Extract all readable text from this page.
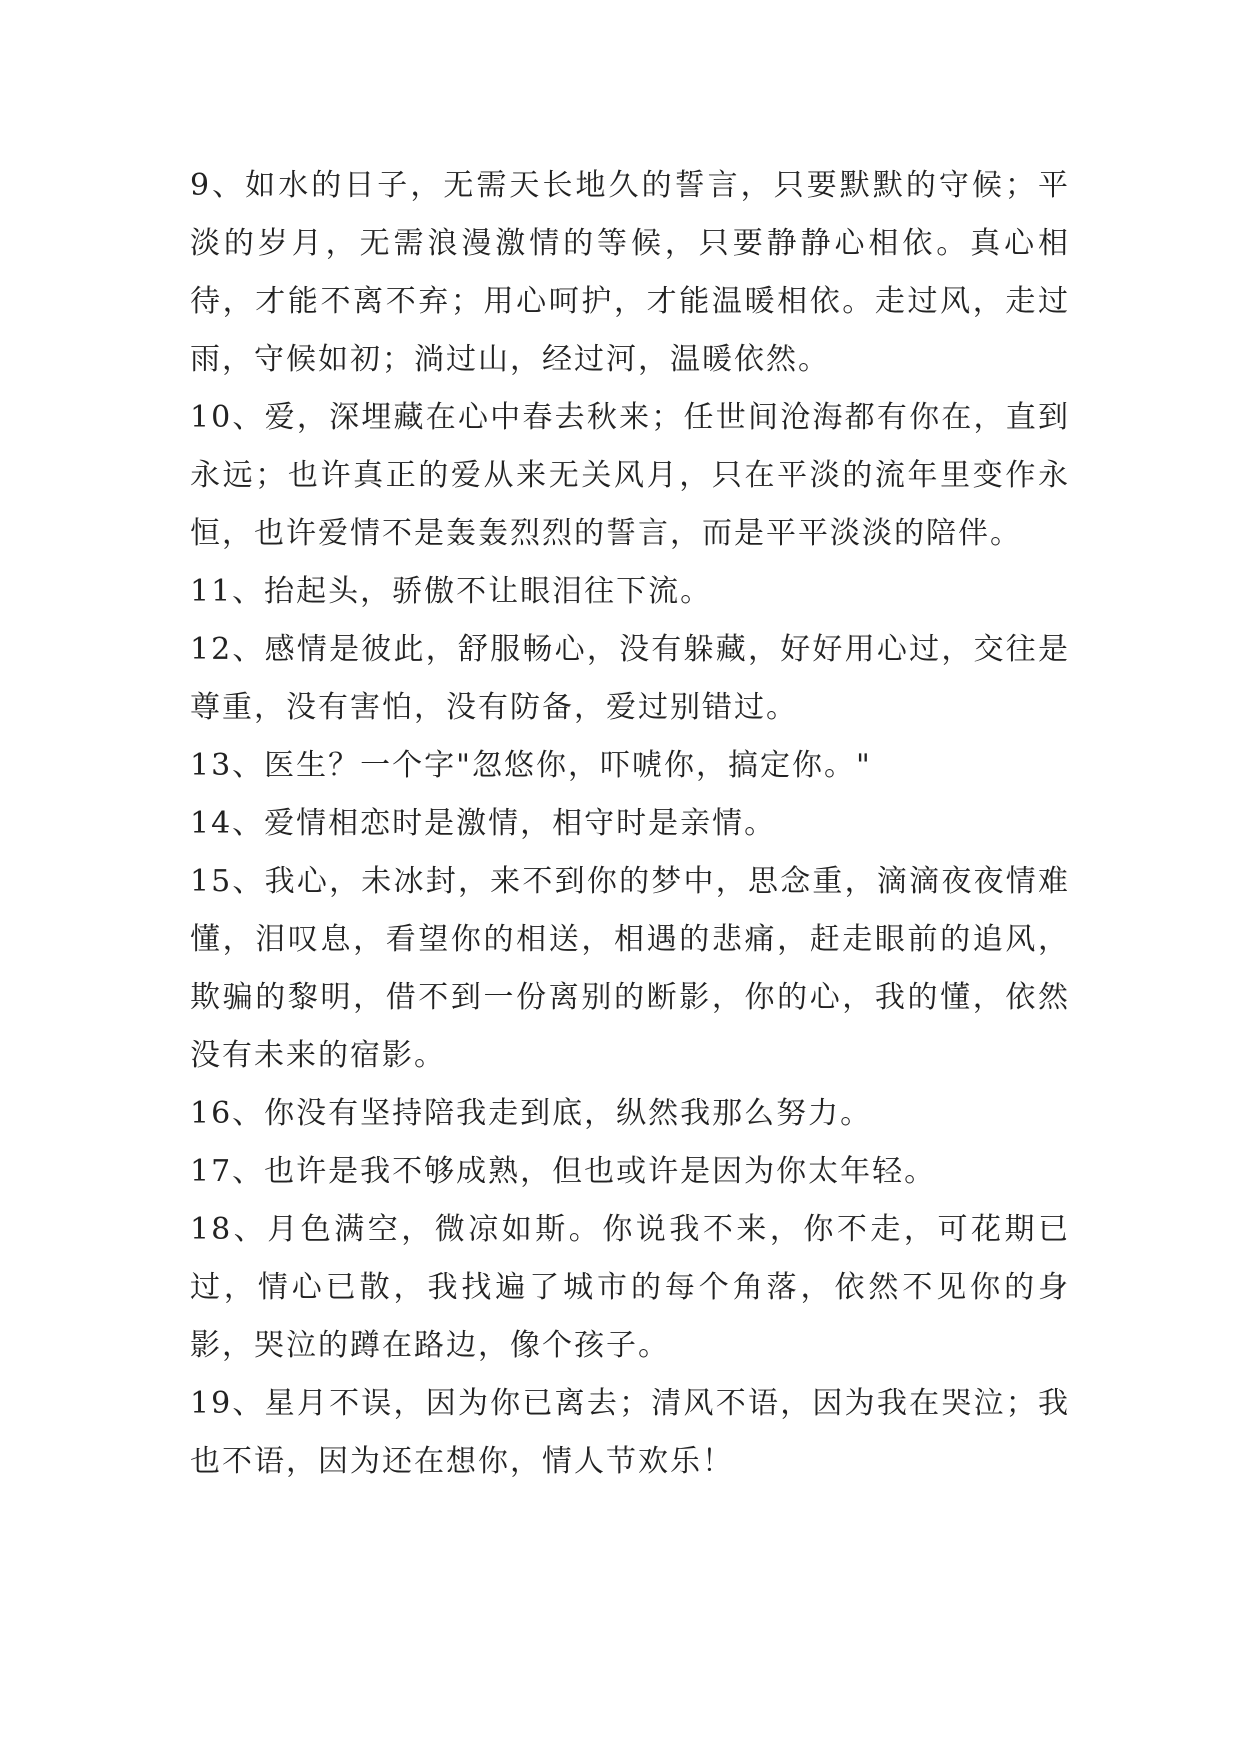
9、如水的日子，无需天长地久的誓言，只要默默的守候；平淡的岁月，无需浪漫激情的等候，只要静静心相依。真心相待，才能不离不弃；用心呵护，才能温暖相依。走过风，走过雨，守候如初；淌过山，经过河，温暖依然。

10、爱，深埋藏在心中春去秋来；任世间沧海都有你在，直到永远；也许真正的爱从来无关风月，只在平淡的流年里变作永恒，也许爱情不是轰轰烈烈的誓言，而是平平淡淡的陪伴。

11、抬起头，骄傲不让眼泪往下流。

12、感情是彼此，舒服畅心，没有躲藏，好好用心过，交往是尊重，没有害怕，没有防备，爱过别错过。

13、医生？一个字"忽悠你，吓唬你，搞定你。"

14、爱情相恋时是激情，相守时是亲情。

15、我心，未冰封，来不到你的梦中，思念重，滴滴夜夜情难懂，泪叹息，看望你的相送，相遇的悲痛，赶走眼前的追风，欺骗的黎明，借不到一份离别的断影，你的心，我的懂，依然没有未来的宿影。

16、你没有坚持陪我走到底，纵然我那么努力。

17、也许是我不够成熟，但也或许是因为你太年轻。

18、月色满空，微凉如斯。你说我不来，你不走，可花期已过，情心已散，我找遍了城市的每个角落，依然不见你的身影，哭泣的蹲在路边，像个孩子。

19、星月不误，因为你已离去；清风不语，因为我在哭泣；我也不语，因为还在想你，情人节欢乐！
